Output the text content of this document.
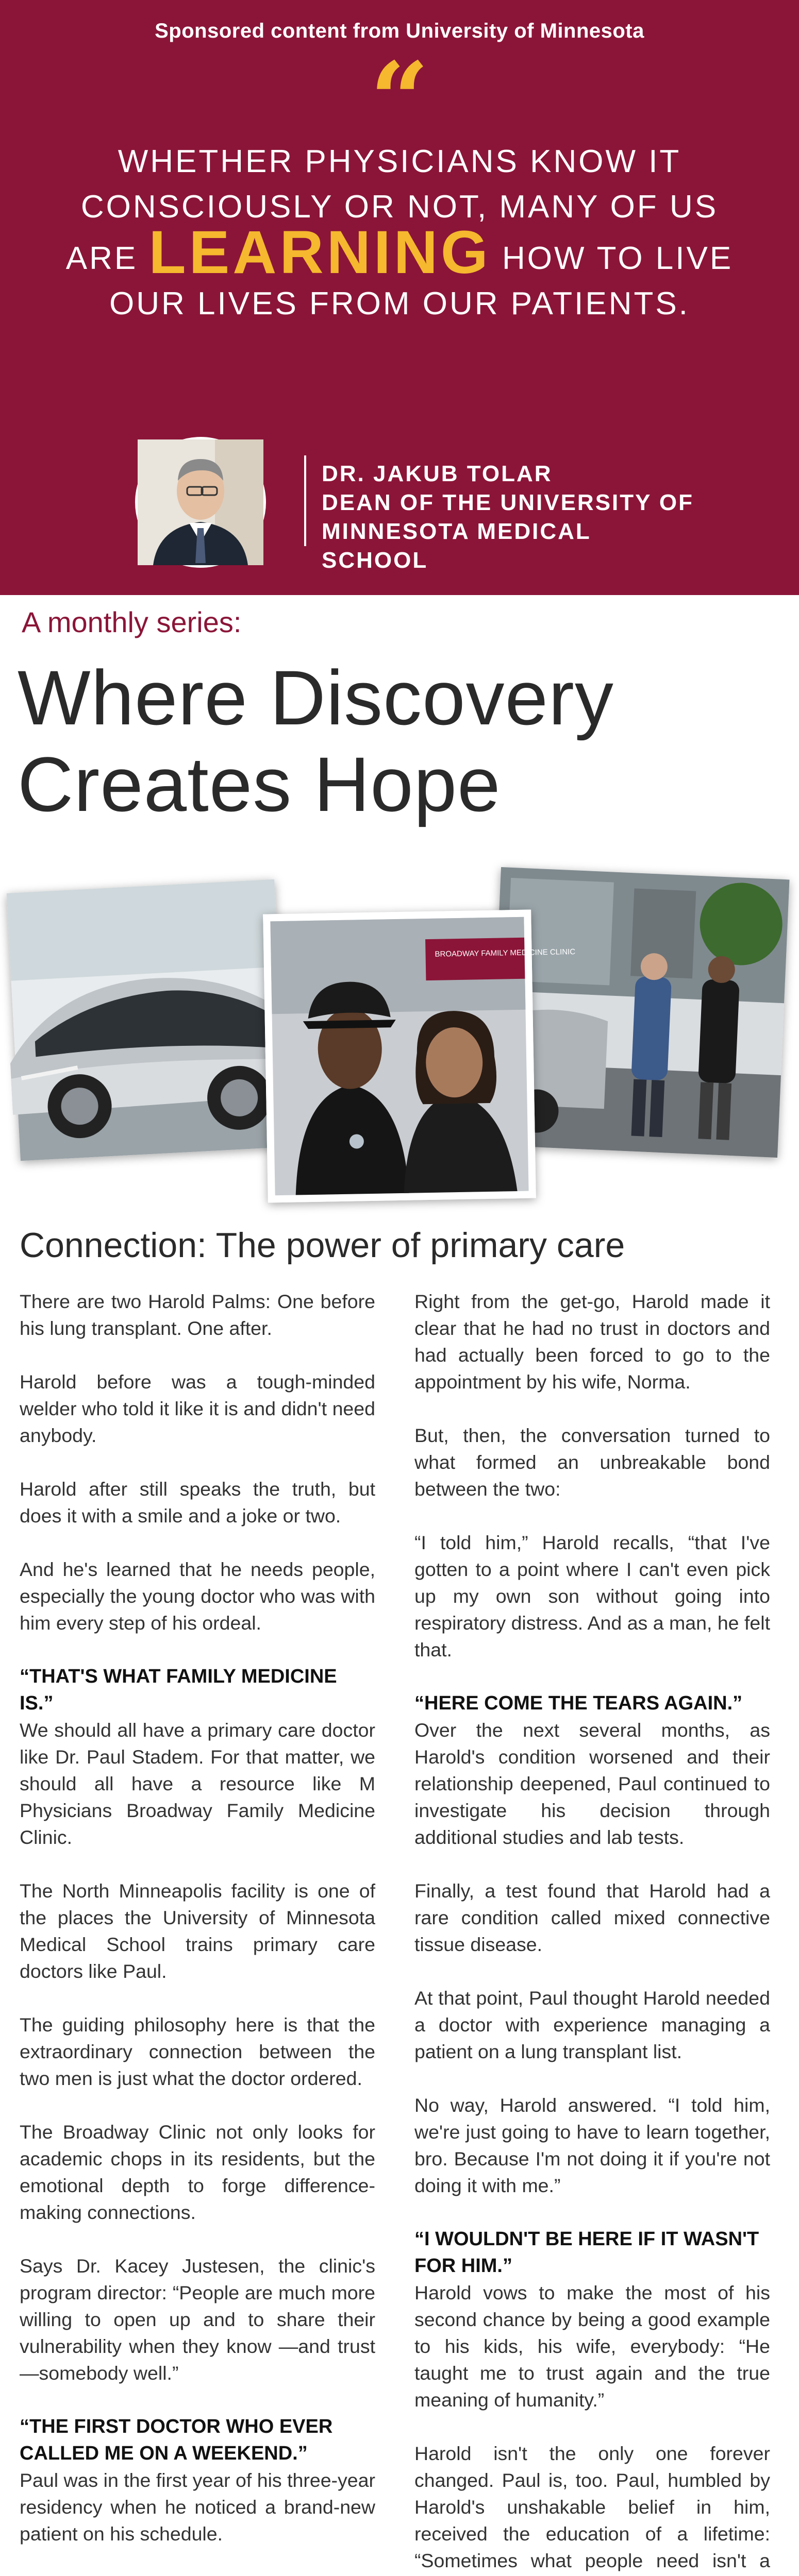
Sponsored content from University of Minnesota
“
WHETHER PHYSICIANS KNOW IT CONSCIOUSLY OR NOT, MANY OF US ARE LEARNING HOW TO LIVE OUR LIVES FROM OUR PATIENTS.
DR. JAKUB TOLAR
DEAN OF THE UNIVERSITY OF
MINNESOTA MEDICAL SCHOOL
A monthly series:
Where Discovery
Creates Hope
BROADWAY FAMILY MEDICINE CLINIC
Connection: The power of primary care

There are two Harold Palms: One before his lung transplant. One after.

Harold before was a tough-minded welder who told it like it is and didn't need anybody.

Harold after still speaks the truth, but does it with a smile and a joke or two.

And he's learned that he needs people, especially the young doctor who was with him every step of his ordeal.

“THAT'S WHAT FAMILY MEDICINE IS.”

We should all have a primary care doctor like Dr. Paul Stadem. For that matter, we should all have a resource like M Physicians Broadway Family Medicine Clinic.

The North Minneapolis facility is one of the places the University of Minnesota Medical School trains primary care doctors like Paul.

The guiding philosophy here is that the extraordinary connection between the two men is just what the doctor ordered.

The Broadway Clinic not only looks for academic chops in its residents, but the emotional depth to forge difference-making connections.

Says Dr. Kacey Justesen, the clinic's program director: “People are much more willing to open up and to share their vulnerability when they know —and trust—somebody well.”

“THE FIRST DOCTOR WHO EVER CALLED ME ON A WEEKEND.”

Paul was in the first year of his three-year residency when he noticed a brand-new patient on his schedule.

Right from the get-go, Harold made it clear that he had no trust in doctors and had actually been forced to go to the appointment by his wife, Norma.

But, then, the conversation turned to what formed an unbreakable bond between the two:

“I told him,” Harold recalls, “that I've gotten to a point where I can't even pick up my own son without going into respiratory distress. And as a man, he felt that.

“HERE COME THE TEARS AGAIN.”

Over the next several months, as Harold's condition worsened and their relationship deepened, Paul continued to investigate his decision through additional studies and lab tests.

Finally, a test found that Harold had a rare condition called mixed connective tissue disease.

At that point, Paul thought Harold needed a doctor with experience managing a patient on a lung transplant list.

No way, Harold answered. “I told him, we're just going to have to learn together, bro. Because I'm not doing it if you're not doing it with me.”

“I WOULDN'T BE HERE IF IT WASN'T FOR HIM.”

Harold vows to make the most of his second chance by being a good example to his kids, his wife, everybody: “He taught me to trust again and the true meaning of humanity.”

Harold isn't the only one forever changed. Paul is, too. Paul, humbled by Harold's unshakable belief in him, received the education of a lifetime: “Sometimes what people need isn't a
